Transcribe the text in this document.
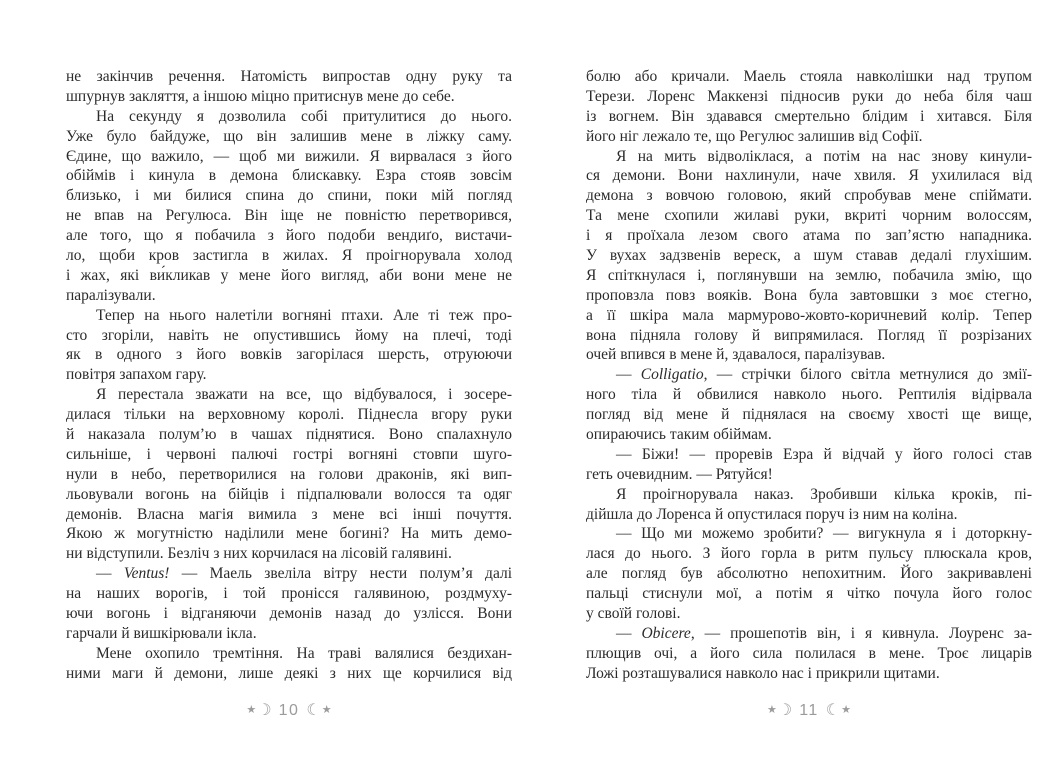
не закінчив речення. Натомість випростав одну руку та
шпурнув закляття, а іншою міцно притиснув мене до себе.
На секунду я дозволила собі притулитися до нього.
Уже було байдуже, що він залишив мене в ліжку саму.
Єдине, що важило, — щоб ми вижили. Я вирвалася з його
обіймів і кинула в демона блискавку. Езра стояв зовсім
близько, і ми билися спина до спини, поки мій погляд
не впав на Регулюса. Він іще не повністю перетворився,
але того, що я побачила з його подоби вендиґо, вистачи-
ло, щоби кров застигла в жилах. Я проігнорувала холод
і жах, які ви́кликав у мене його вигляд, аби вони мене не
паралізували.
Тепер на нього налетіли вогняні птахи. Але ті теж про-
сто згоріли, навіть не опустившись йому на плечі, тоді
як в одного з його вовків загорілася шерсть, отруюючи
повітря запахом гару.
Я перестала зважати на все, що відбувалося, і зосере-
дилася тільки на верховному королі. Піднесла вгору руки
й наказала полум’ю в чашах піднятися. Воно спалахнуло
сильніше, і червоні палючі гострі вогняні стовпи шуго-
нули в небо, перетворилися на голови драконів, які вип-
льовували вогонь на бійців і підпалювали волосся та одяг
демонів. Власна магія вимила з мене всі інші почуття.
Якою ж могутністю наділили мене богині? На мить демо-
ни відступили. Безліч з них корчилася на лісовій галявині.
— Ventus! — Маель звеліла вітру нести полум’я далі
на наших ворогів, і той пронісся галявиною, роздмуху-
ючи вогонь і відганяючи демонів назад до узлісся. Вони
гарчали й вишкірювали ікла.
Мене охопило тремтіння. На траві валялися бездихан-
ними маги й демони, лише деякі з них ще корчилися від
★☽ 10 ☾★
болю або кричали. Маель стояла навколішки над трупом
Терези. Лоренс Маккензі підносив руки до неба біля чаш
із вогнем. Він здавався смертельно блідим і хитався. Біля
його ніг лежало те, що Регулюс залишив від Софії.
Я на мить відволіклася, а потім на нас знову кинули-
ся демони. Вони нахлинули, наче хвиля. Я ухилилася від
демона з вовчою головою, який спробував мене спіймати.
Та мене схопили жилаві руки, вкриті чорним волоссям,
і я проїхала лезом свого атама по зап’ястю нападника.
У вухах задзвенів вереск, а шум ставав дедалі глухішим.
Я спіткнулася і, поглянувши на землю, побачила змію, що
проповзла повз вояків. Вона була завтовшки з моє стегно,
а її шкіра мала мармурово-жовто-коричневий колір. Тепер
вона підняла голову й випрямилася. Погляд її розрізаних
очей впився в мене й, здавалося, паралізував.
— Colligatio, — стрічки білого світла метнулися до змії-
ного тіла й обвилися навколо нього. Рептилія відірвала
погляд від мене й піднялася на своєму хвості ще вище,
опираючись таким обіймам.
— Біжи! — проревів Езра й відчай у його голосі став
геть очевидним. — Рятуйся!
Я проігнорувала наказ. Зробивши кілька кроків, пі-
дійшла до Лоренса й опустилася поруч із ним на коліна.
— Що ми можемо зробити? — вигукнула я і доторкну-
лася до нього. З його горла в ритм пульсу плюскала кров,
але погляд був абсолютно непохитним. Його закривавлені
пальці стиснули мої, а потім я чітко почула його голос
у своїй голові.
— Obicere, — прошепотів він, і я кивнула. Лоуренс за-
плющив очі, а його сила полилася в мене. Троє лицарів
Ложі розташувалися навколо нас і прикрили щитами.
★☽ 11 ☾★
